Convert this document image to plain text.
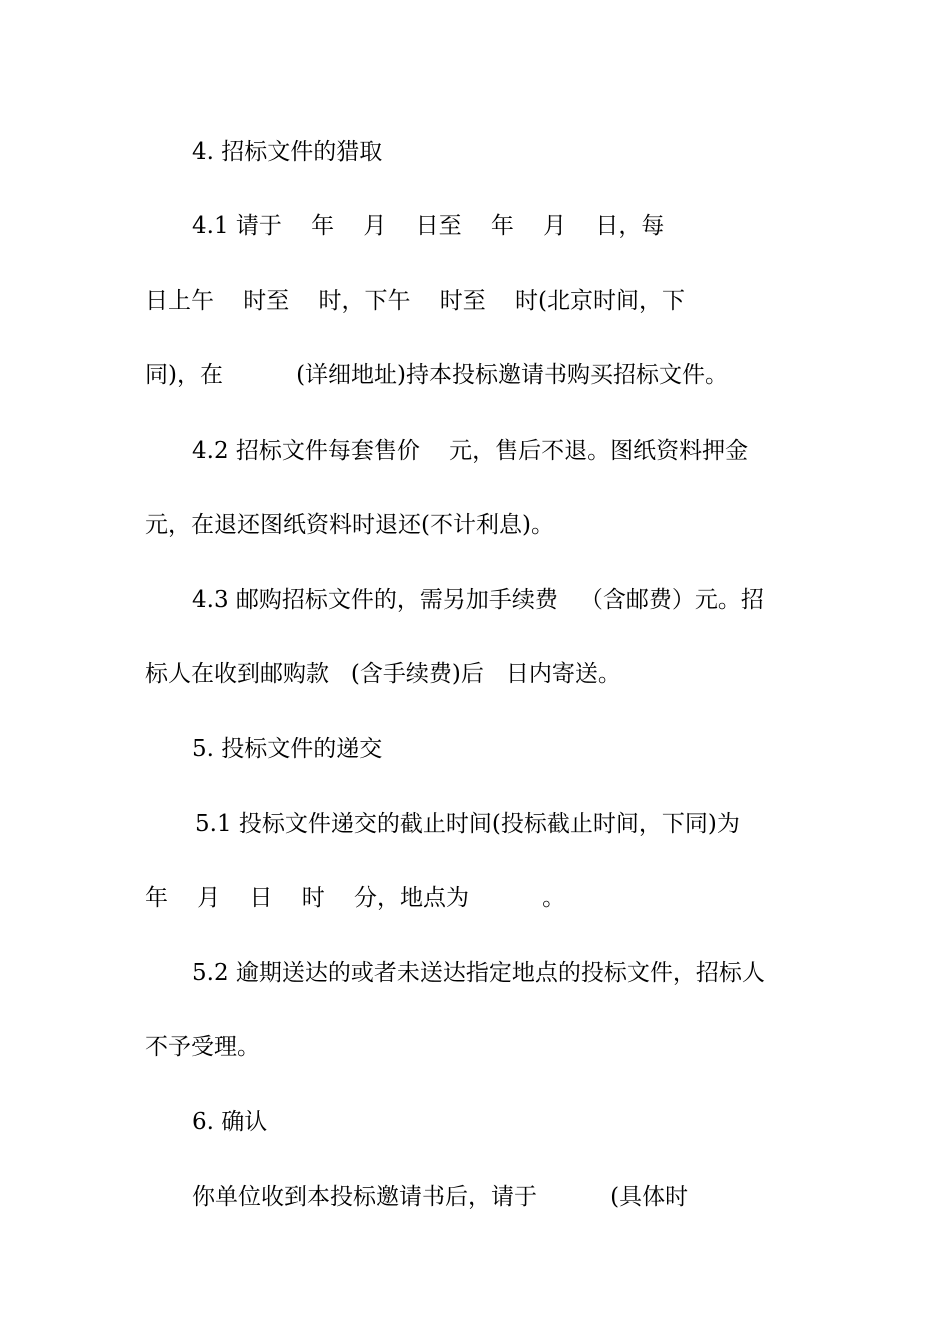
4. 招标文件的猎取

4.1 请于    年    月    日至    年    月    日，每

日上午    时至    时，下午    时至    时(北京时间，下

同)，在          (详细地址)持本投标邀请书购买招标文件。

4.2 招标文件每套售价    元，售后不退。图纸资料押金

元，在退还图纸资料时退还(不计利息)。

4.3 邮购招标文件的，需另加手续费   （含邮费）元。招

标人在收到邮购款   (含手续费)后   日内寄送。

5. 投标文件的递交

5.1 投标文件递交的截止时间(投标截止时间，下同)为

年    月    日    时    分，地点为          。

5.2 逾期送达的或者未送达指定地点的投标文件，招标人

不予受理。

6. 确认

你单位收到本投标邀请书后，请于          (具体时
